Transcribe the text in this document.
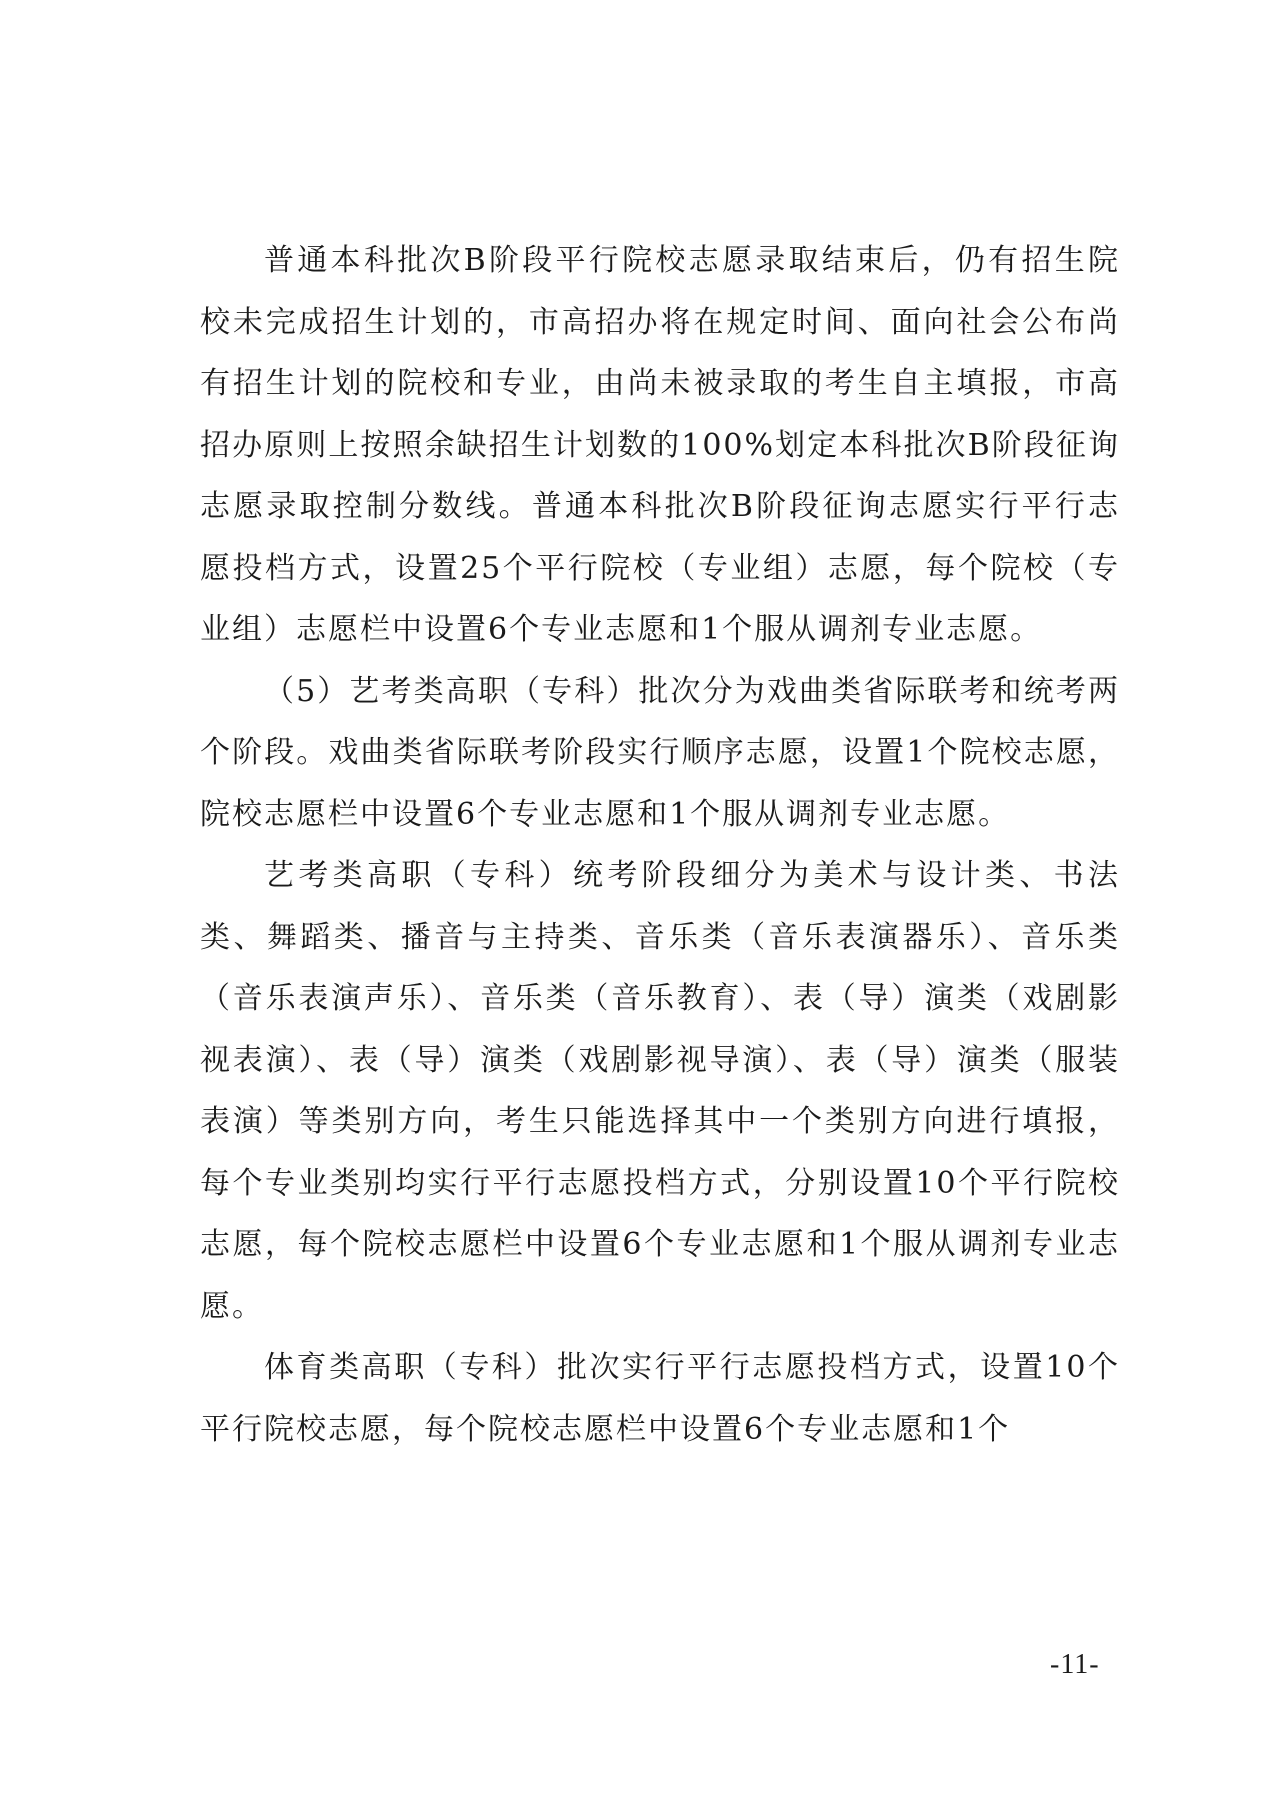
普通本科批次B阶段平行院校志愿录取结束后，仍有招生院校未完成招生计划的，市高招办将在规定时间、面向社会公布尚有招生计划的院校和专业，由尚未被录取的考生自主填报，市高招办原则上按照余缺招生计划数的100%划定本科批次B阶段征询志愿录取控制分数线。普通本科批次B阶段征询志愿实行平行志愿投档方式，设置25个平行院校（专业组）志愿，每个院校（专业组）志愿栏中设置6个专业志愿和1个服从调剂专业志愿。

（5）艺考类高职（专科）批次分为戏曲类省际联考和统考两个阶段。戏曲类省际联考阶段实行顺序志愿，设置1个院校志愿，院校志愿栏中设置6个专业志愿和1个服从调剂专业志愿。

艺考类高职（专科）统考阶段细分为美术与设计类、书法类、舞蹈类、播音与主持类、音乐类（音乐表演器乐）、音乐类（音乐表演声乐）、音乐类（音乐教育）、表（导）演类（戏剧影视表演）、表（导）演类（戏剧影视导演）、表（导）演类（服装表演）等类别方向，考生只能选择其中一个类别方向进行填报，每个专业类别均实行平行志愿投档方式，分别设置10个平行院校志愿，每个院校志愿栏中设置6个专业志愿和1个服从调剂专业志愿。

体育类高职（专科）批次实行平行志愿投档方式，设置10个平行院校志愿，每个院校志愿栏中设置6个专业志愿和1个

-11-
